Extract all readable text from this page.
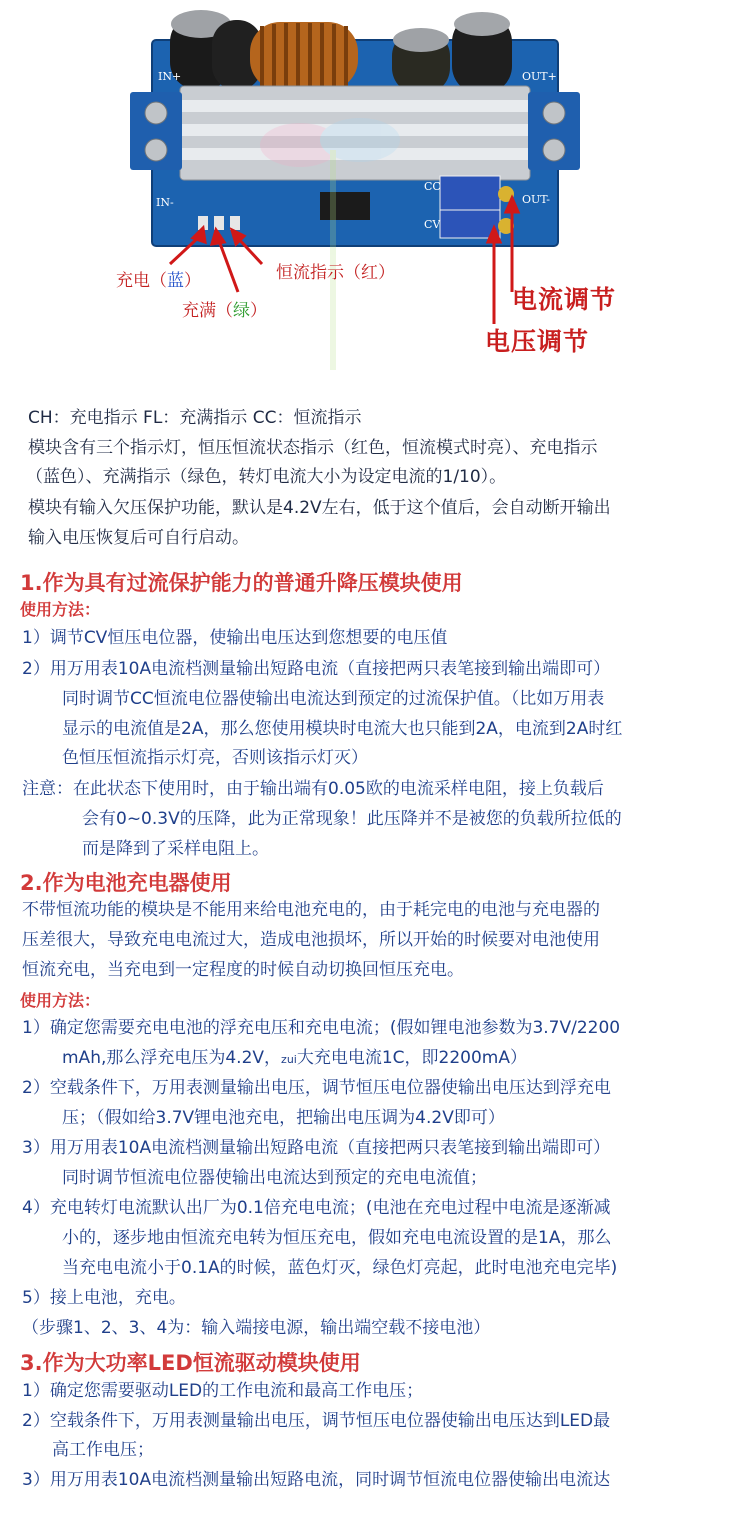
IN+
IN-
OUT+
OUT-
CC
CV
充电（蓝）
充满（绿）
恒流指示（红）
电流调节
电压调节
CH：充电指示 FL：充满指示 CC：恒流指示
模块含有三个指示灯，恒压恒流状态指示（红色，恒流模式时亮）、充电指示
（蓝色）、充满指示（绿色，转灯电流大小为设定电流的1/10）。
模块有输入欠压保护功能，默认是4.2V左右，低于这个值后，会自动断开输出
输入电压恢复后可自行启动。
1.作为具有过流保护能力的普通升降压模块使用
使用方法：
1）调节CV恒压电位器，使输出电压达到您想要的电压值
2）用万用表10A电流档测量输出短路电流（直接把两只表笔接到输出端即可）
同时调节CC恒流电位器使输出电流达到预定的过流保护值。（比如万用表
显示的电流值是2A，那么您使用模块时电流大也只能到2A，电流到2A时红
色恒压恒流指示灯亮，否则该指示灯灭）
注意：在此状态下使用时，由于输出端有0.05欧的电流采样电阻，接上负载后
会有0~0.3V的压降，此为正常现象！此压降并不是被您的负载所拉低的
而是降到了采样电阻上。
2.作为电池充电器使用
不带恒流功能的模块是不能用来给电池充电的，由于耗完电的电池与充电器的
压差很大，导致充电电流过大，造成电池损坏，所以开始的时候要对电池使用
恒流充电，当充电到一定程度的时候自动切换回恒压充电。
使用方法：
1）确定您需要充电电池的浮充电压和充电电流；(假如锂电池参数为3.7V/2200
mAh,那么浮充电压为4.2V，zui大充电电流1C，即2200mA）
2）空载条件下，万用表测量输出电压，调节恒压电位器使输出电压达到浮充电
压；（假如给3.7V锂电池充电，把输出电压调为4.2V即可）
3）用万用表10A电流档测量输出短路电流（直接把两只表笔接到输出端即可）
同时调节恒流电位器使输出电流达到预定的充电电流值；
4）充电转灯电流默认出厂为0.1倍充电电流；(电池在充电过程中电流是逐渐减
小的，逐步地由恒流充电转为恒压充电，假如充电电流设置的是1A，那么
当充电电流小于0.1A的时候，蓝色灯灭，绿色灯亮起，此时电池充电完毕)
5）接上电池，充电。
（步骤1、2、3、4为：输入端接电源，输出端空载不接电池）
3.作为大功率LED恒流驱动模块使用
1）确定您需要驱动LED的工作电流和最高工作电压；
2）空载条件下，万用表测量输出电压，调节恒压电位器使输出电压达到LED最
高工作电压；
3）用万用表10A电流档测量输出短路电流，同时调节恒流电位器使输出电流达
